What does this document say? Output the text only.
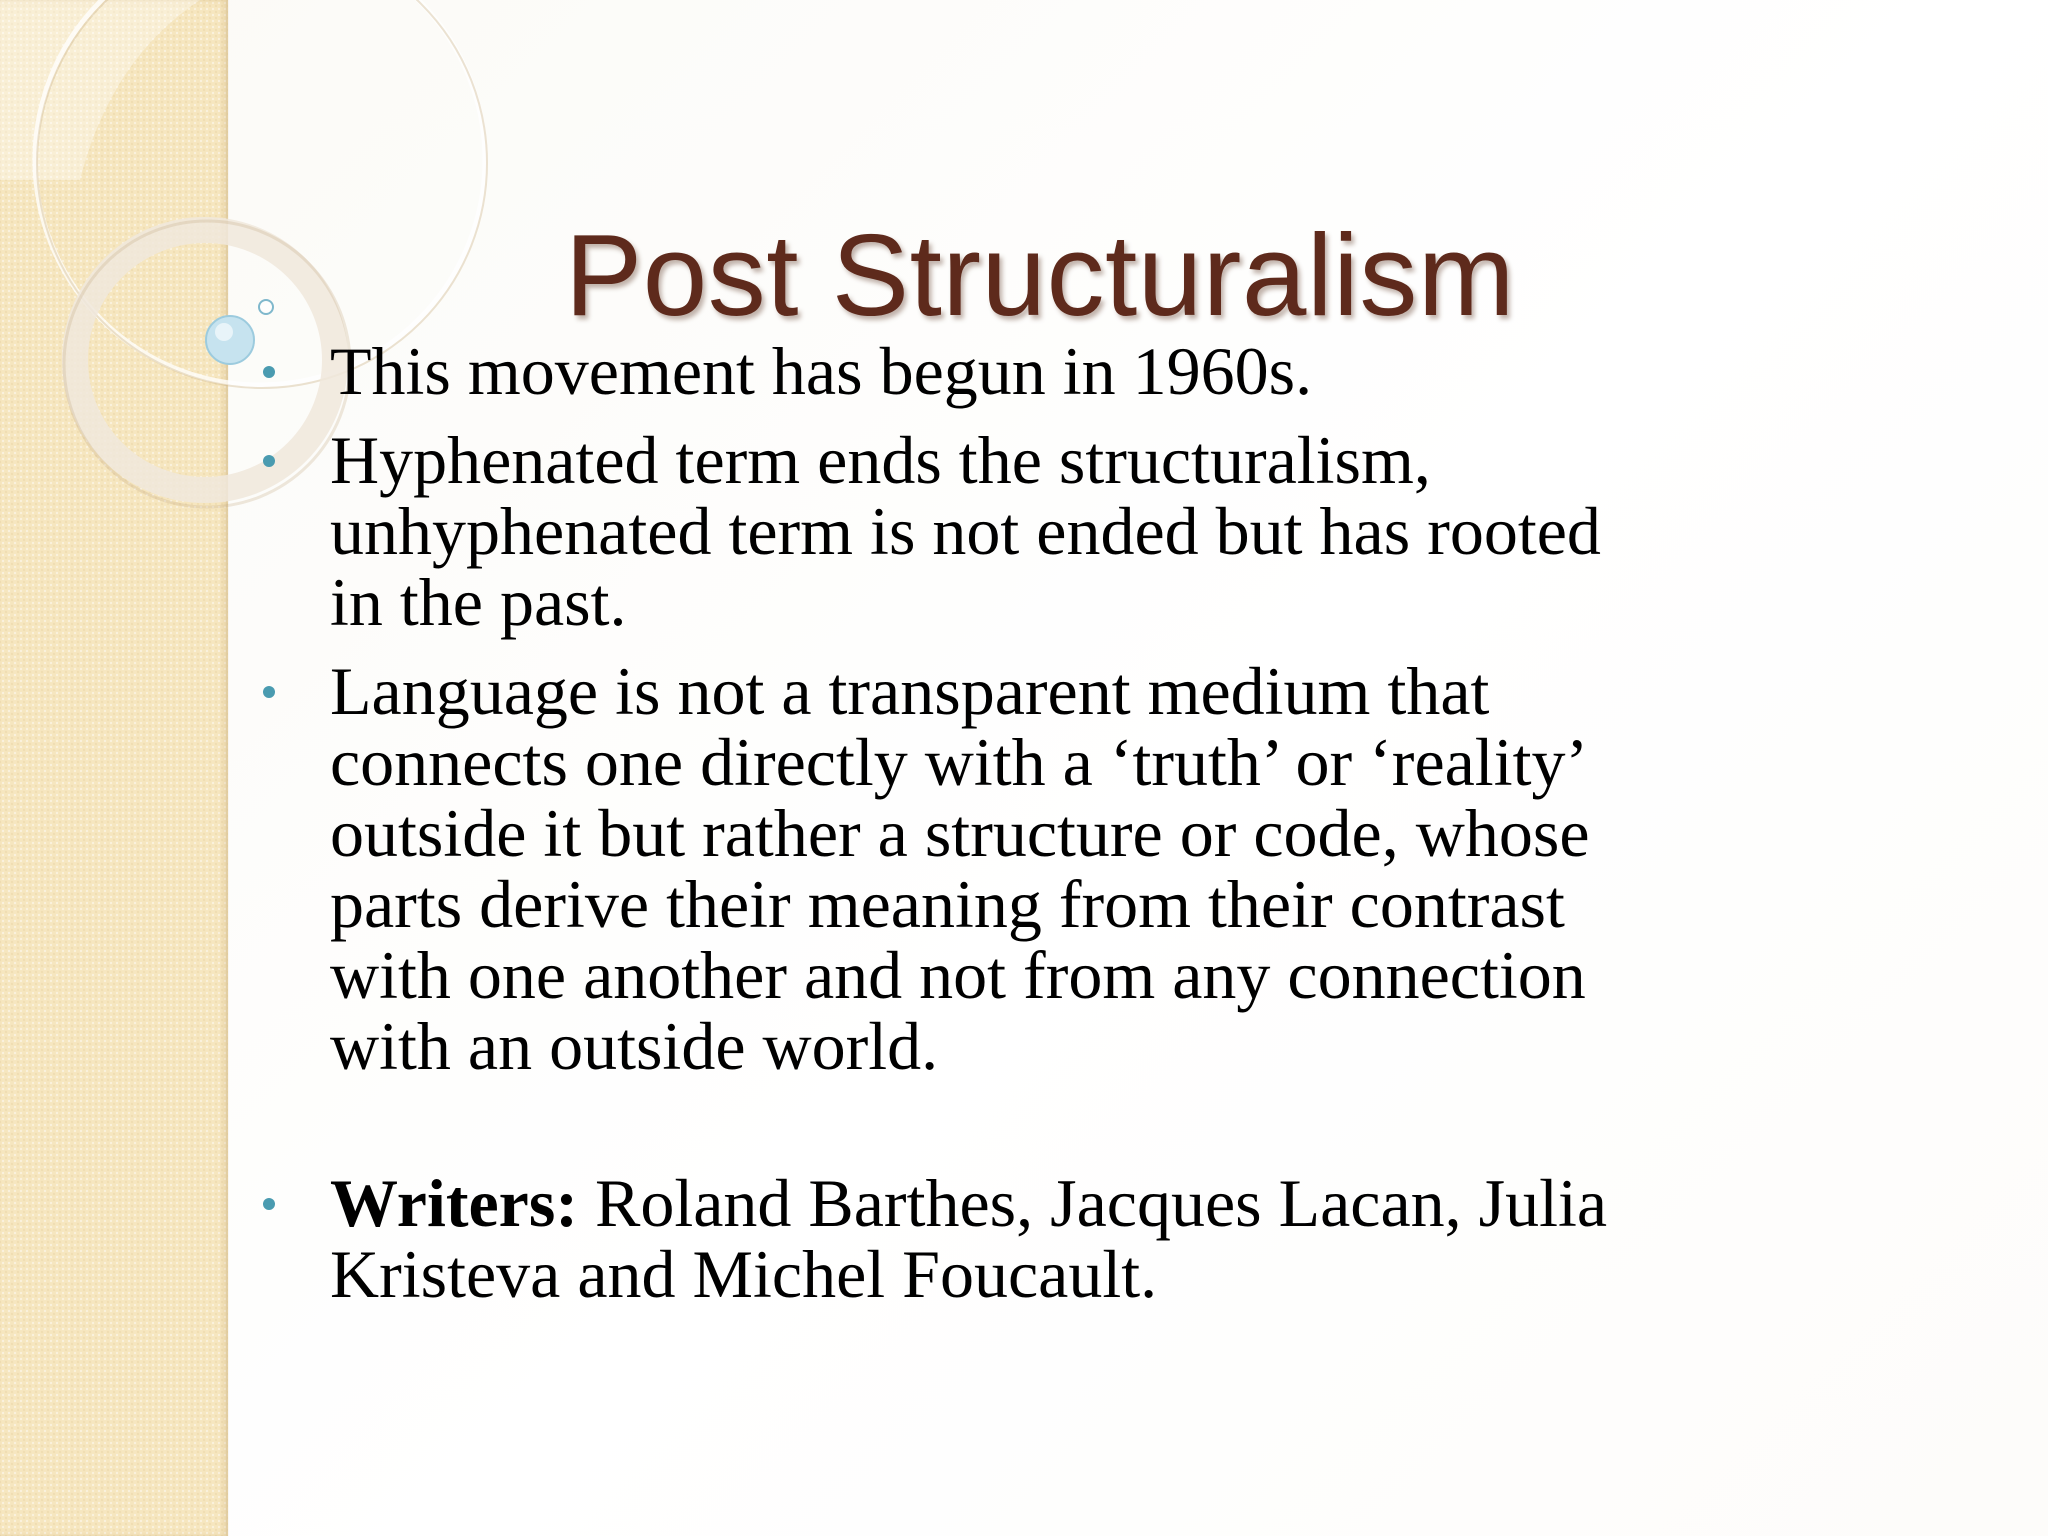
Post Structuralism
This movement has begun in 1960s.
Hyphenated term ends the structuralism, unhyphenated term is not ended but has rooted in the past.
Language is not a transparent medium that connects one directly with a ‘truth’ or ‘reality’ outside it but rather a structure or code, whose parts derive their meaning from their contrast with one another and not from any connection with an outside world.
Writers: Roland Barthes, Jacques Lacan, Julia Kristeva and Michel Foucault.
